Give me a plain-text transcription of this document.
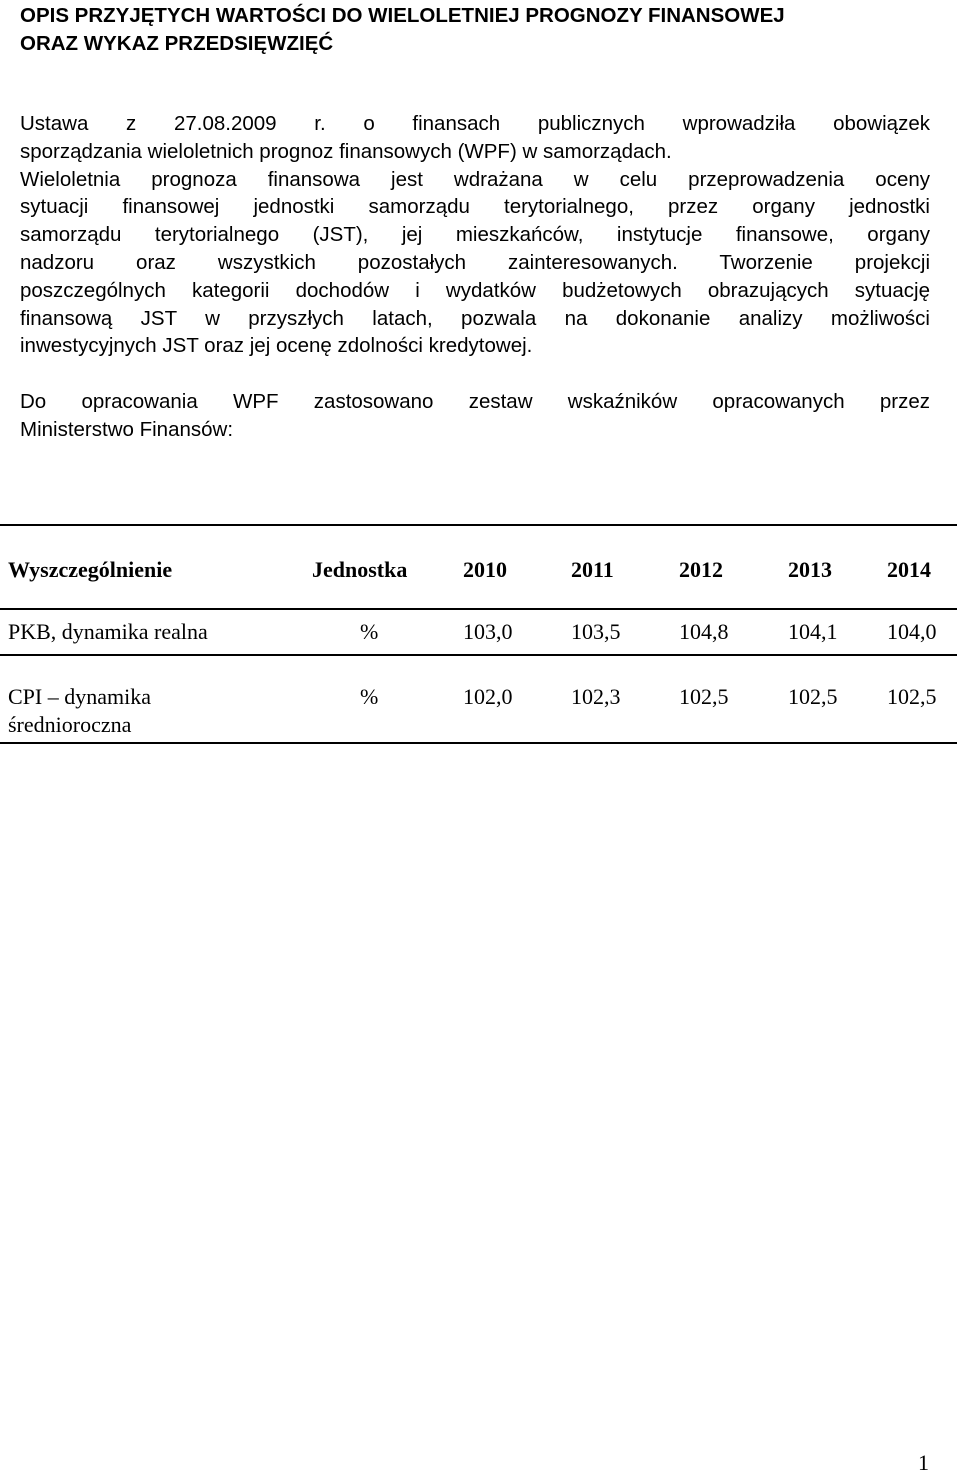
OPIS PRZYJĘTYCH WARTOŚCI DO WIELOLETNIEJ PROGNOZY FINANSOWEJ
ORAZ WYKAZ PRZEDSIĘWZIĘĆ
Ustawa z 27.08.2009 r. o finansach publicznych wprowadziła obowiązek
sporządzania wieloletnich prognoz finansowych (WPF) w samorządach.
Wieloletnia prognoza finansowa jest wdrażana w celu przeprowadzenia oceny
sytuacji finansowej jednostki samorządu terytorialnego, przez organy jednostki
samorządu terytorialnego (JST), jej mieszkańców, instytucje finansowe, organy
nadzoru oraz wszystkich pozostałych zainteresowanych. Tworzenie projekcji
poszczególnych kategorii dochodów i wydatków budżetowych obrazujących sytuację
finansową JST w przyszłych latach, pozwala na dokonanie analizy możliwości
inwestycyjnych JST oraz jej ocenę zdolności kredytowej.
Do opracowania WPF zastosowano zestaw wskaźników opracowanych przez
Ministerstwo Finansów:
Wyszczególnienie	Jednostka	2010	2011	2012	2013	2014
PKB, dynamika realna	%	103,0	103,5	104,8	104,1 104,0
CPI – dynamika
średnioroczna
%	102,0	102,3	102,5	102,5 102,5
1
